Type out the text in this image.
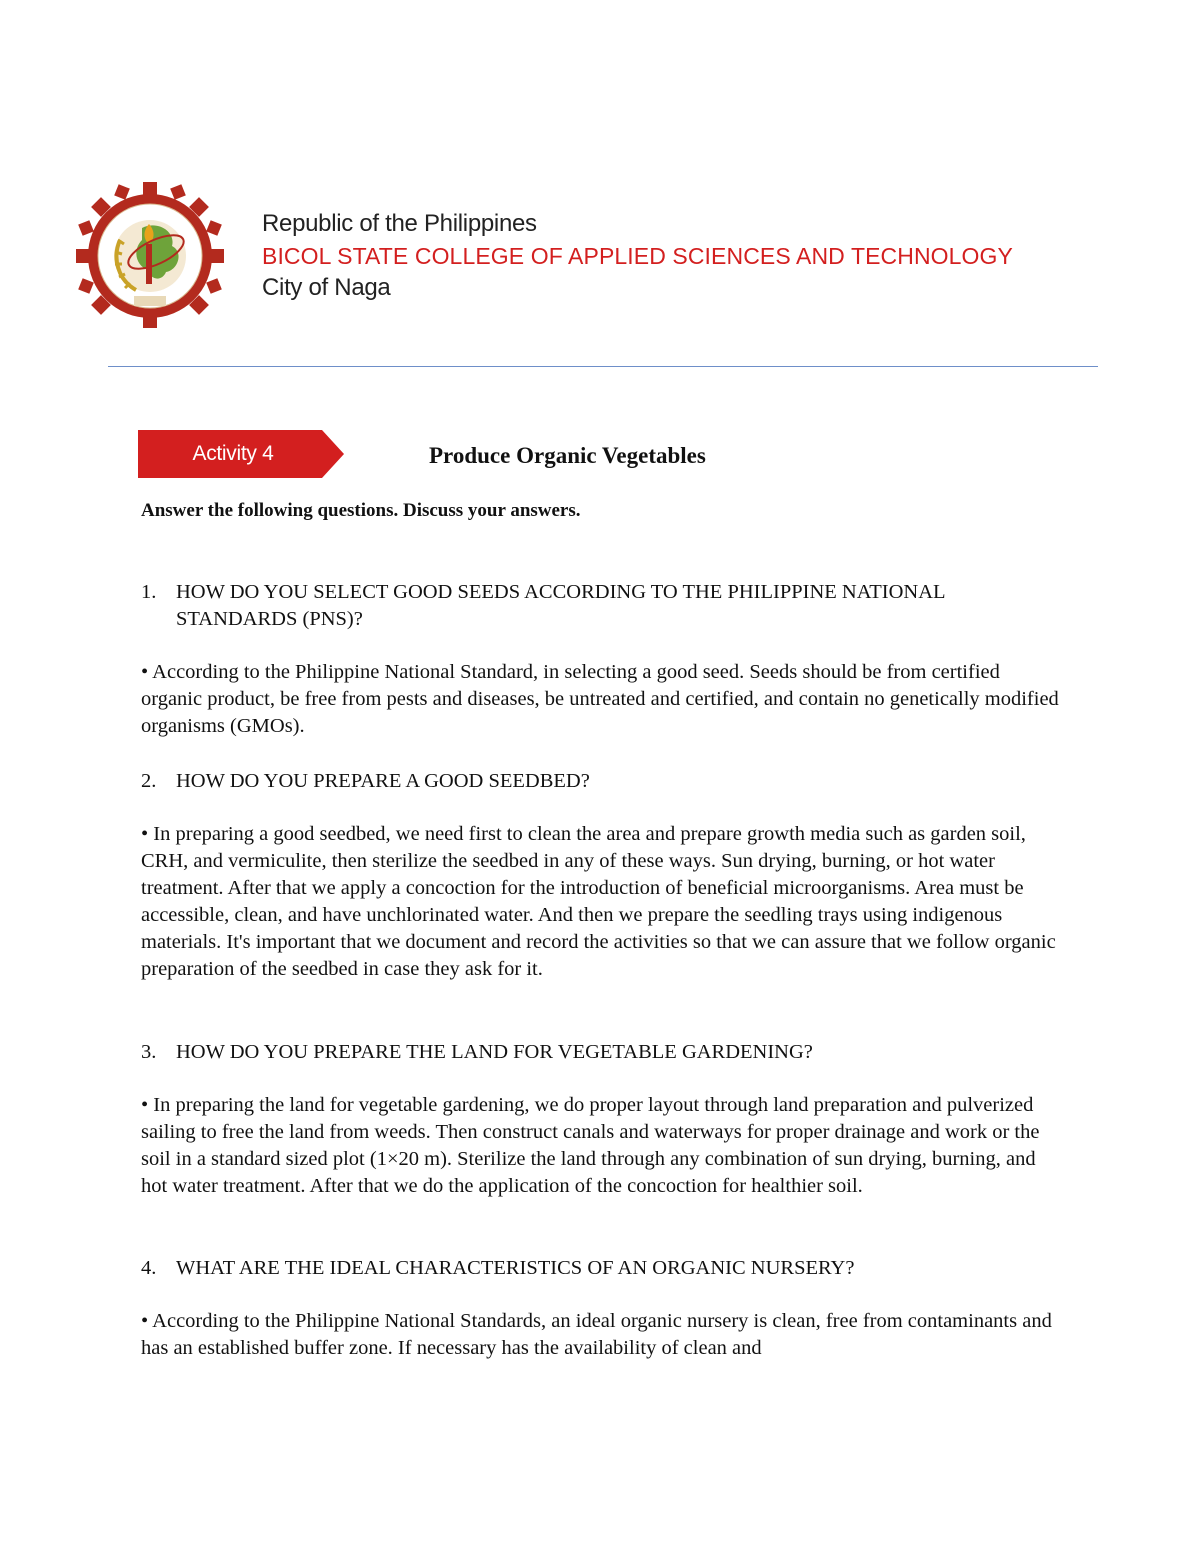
Republic of the Philippines
BICOL STATE COLLEGE OF APPLIED SCIENCES AND TECHNOLOGY
City of Naga
Activity 4	Produce Organic Vegetables
Answer the following questions. Discuss your answers.
1. HOW DO YOU SELECT GOOD SEEDS ACCORDING TO THE PHILIPPINE NATIONAL STANDARDS (PNS)?
• According to the Philippine National Standard, in selecting a good seed. Seeds should be from certified organic product, be free from pests and diseases, be untreated and certified, and contain no genetically modified organisms (GMOs).
2. HOW DO YOU PREPARE A GOOD SEEDBED?
• In preparing a good seedbed, we need first to clean the area and prepare growth media such as garden soil, CRH, and vermiculite, then sterilize the seedbed in any of these ways. Sun drying, burning, or hot water treatment. After that we apply a concoction for the introduction of beneficial microorganisms. Area must be accessible, clean, and have unchlorinated water. And then we prepare the seedling trays using indigenous materials. It's important that we document and record the activities so that we can assure that we follow organic preparation of the seedbed in case they ask for it.
3. HOW DO YOU PREPARE THE LAND FOR VEGETABLE GARDENING?
• In preparing the land for vegetable gardening, we do proper layout through land preparation and pulverized sailing to free the land from weeds. Then construct canals and waterways for proper drainage and work or the soil in a standard sized plot (1×20 m). Sterilize the land through any combination of sun drying, burning, and hot water treatment. After that we do the application of the concoction for healthier soil.
4. WHAT ARE THE IDEAL CHARACTERISTICS OF AN ORGANIC NURSERY?
• According to the Philippine National Standards, an ideal organic nursery is clean, free from contaminants and has an established buffer zone. If necessary has the availability of clean and
